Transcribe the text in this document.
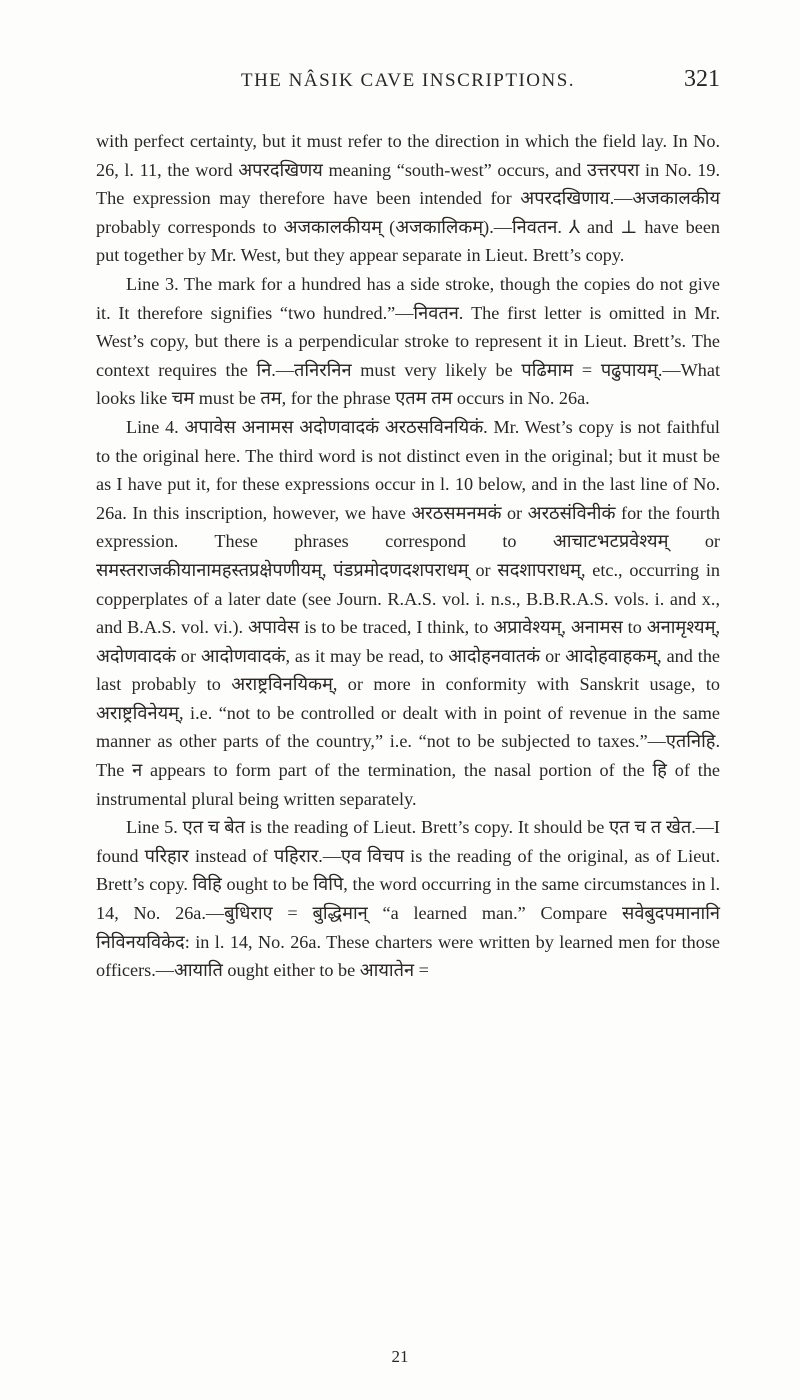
THE NÂSIK CAVE INSCRIPTIONS.	321

with perfect certainty, but it must refer to the direction in which the field lay. In No. 26, l. 11, the word अपरदखिणय meaning “south-west” occurs, and उत्तरपरा in No. 19. The expression may therefore have been intended for अपरदखिणाय.—अजकालकीय probably corresponds to अजकालकीयम् (अजकालिकम्).—निवतन. ⅄ and ⊥ have been put together by Mr. West, but they appear separate in Lieut. Brett’s copy.

Line 3. The mark for a hundred has a side stroke, though the copies do not give it. It therefore signifies “two hundred.”—निवतन. The first letter is omitted in Mr. West’s copy, but there is a perpendicular stroke to represent it in Lieut. Brett’s. The context requires the नि.—तनिरनिन must very likely be पढिमाम = पढुपायम्.—What looks like चम must be तम, for the phrase एतम तम occurs in No. 26a.

Line 4. अपावेस अनामस अदोणवादकं अरठसविनयिकं. Mr. West’s copy is not faithful to the original here. The third word is not distinct even in the original; but it must be as I have put it, for these expressions occur in l. 10 below, and in the last line of No. 26a. In this inscription, however, we have अरठसमनमकं or अरठसंविनीकं for the fourth expression. These phrases correspond to आचाटभटप्रवेश्यम् or समस्तराजकीयानामहस्तप्रक्षेपणीयम्, पंडप्रमोदणदशपराधम् or सदशापराधम्, etc., occurring in copperplates of a later date (see Journ. R.A.S. vol. i. n.s., B.B.R.A.S. vols. i. and x., and B.A.S. vol. vi.). अपावेस is to be traced, I think, to अप्रावेश्यम्, अनामस to अनामृश्यम्, अदोणवादकं or आदोणवादकं, as it may be read, to आदोहनवातकं or आदोहवाहकम्, and the last probably to अराष्ट्रविनयिकम्, or more in conformity with Sanskrit usage, to अराष्ट्रविनेयम्, i.e. “not to be controlled or dealt with in point of revenue in the same manner as other parts of the country,” i.e. “not to be subjected to taxes.”—एतनिहि. The न appears to form part of the termination, the nasal portion of the हि of the instrumental plural being written separately.

Line 5. एत च बेत is the reading of Lieut. Brett’s copy. It should be एत च त खेत.—I found परिहार instead of पहिरार.—एव विचप is the reading of the original, as of Lieut. Brett’s copy. विहि ought to be विपि, the word occurring in the same circumstances in l. 14, No. 26a.—बुधिराए = बुद्धिमान् “a learned man.” Compare सवेबुदपमानानि निविनयविकेद: in l. 14, No. 26a. These charters were written by learned men for those officers.—आयाति ought either to be आयातेन =

21
